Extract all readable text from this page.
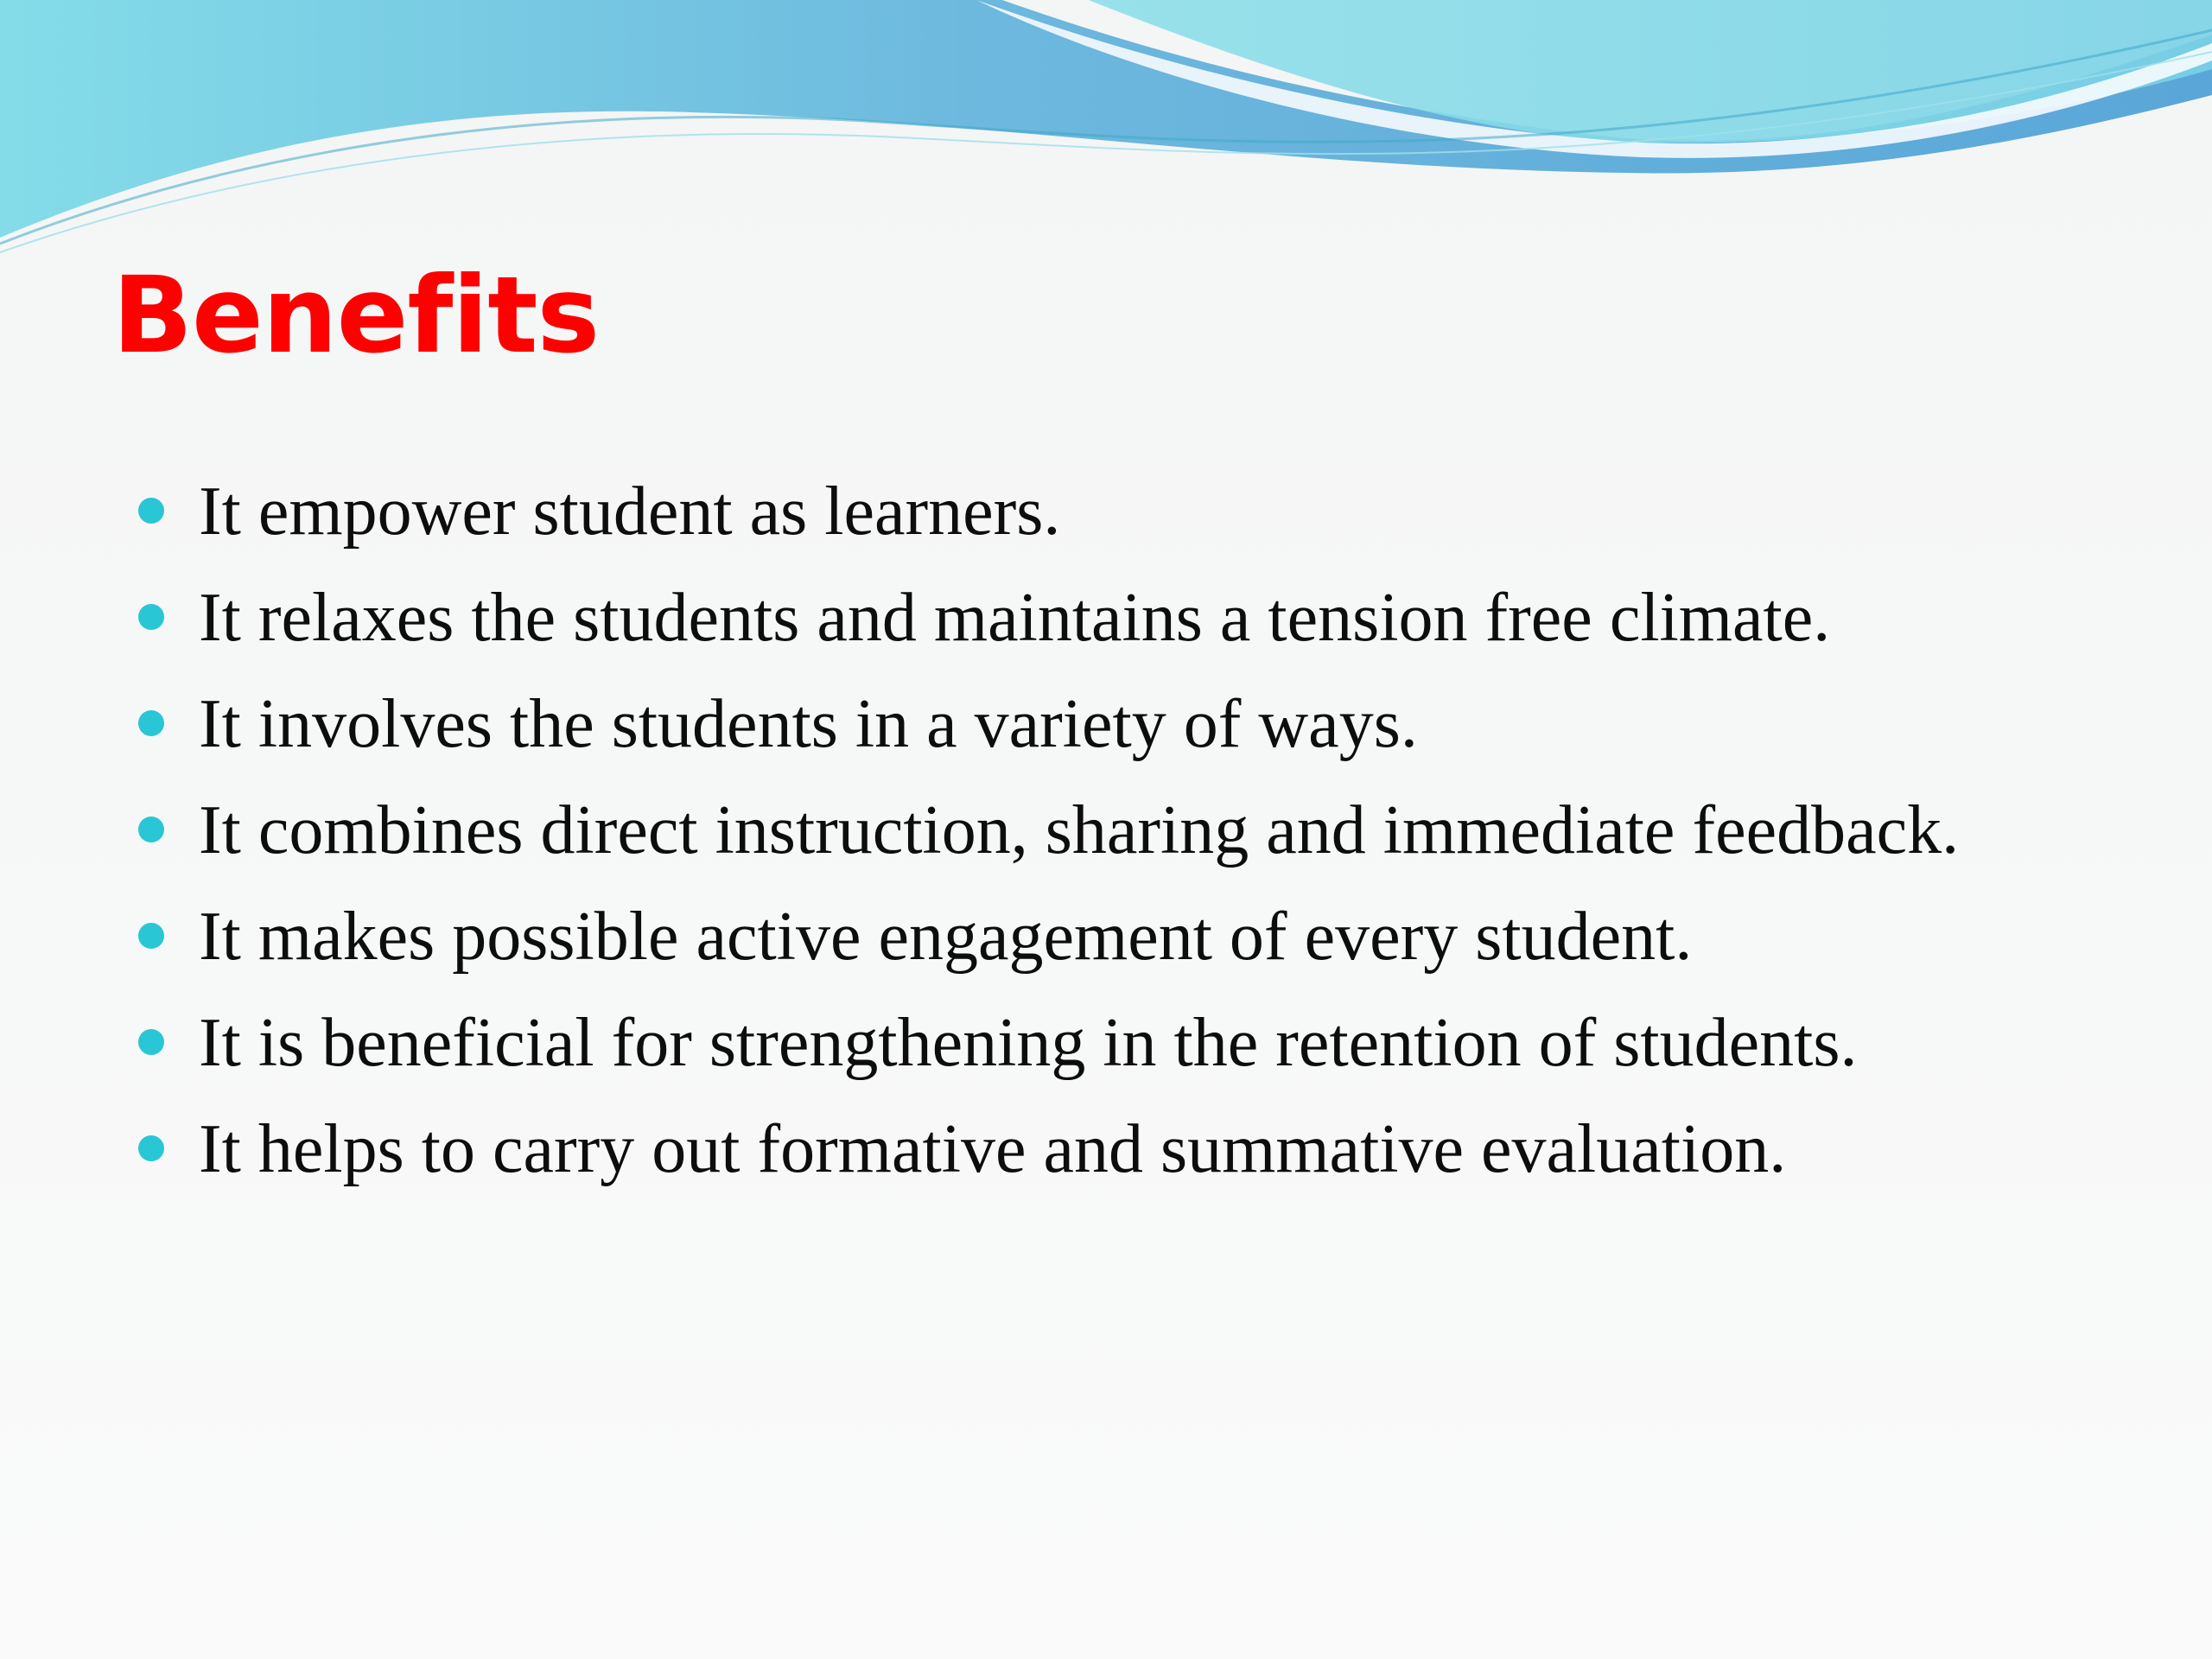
Benefits
It empower student as learners.
It relaxes the students and maintains a tension free climate.
It involves the students in a variety of ways.
It combines direct instruction, sharing and immediate feedback.
It makes possible active engagement of every student.
It is beneficial for strengthening in the retention of students.
It helps to carry out formative and summative evaluation.
